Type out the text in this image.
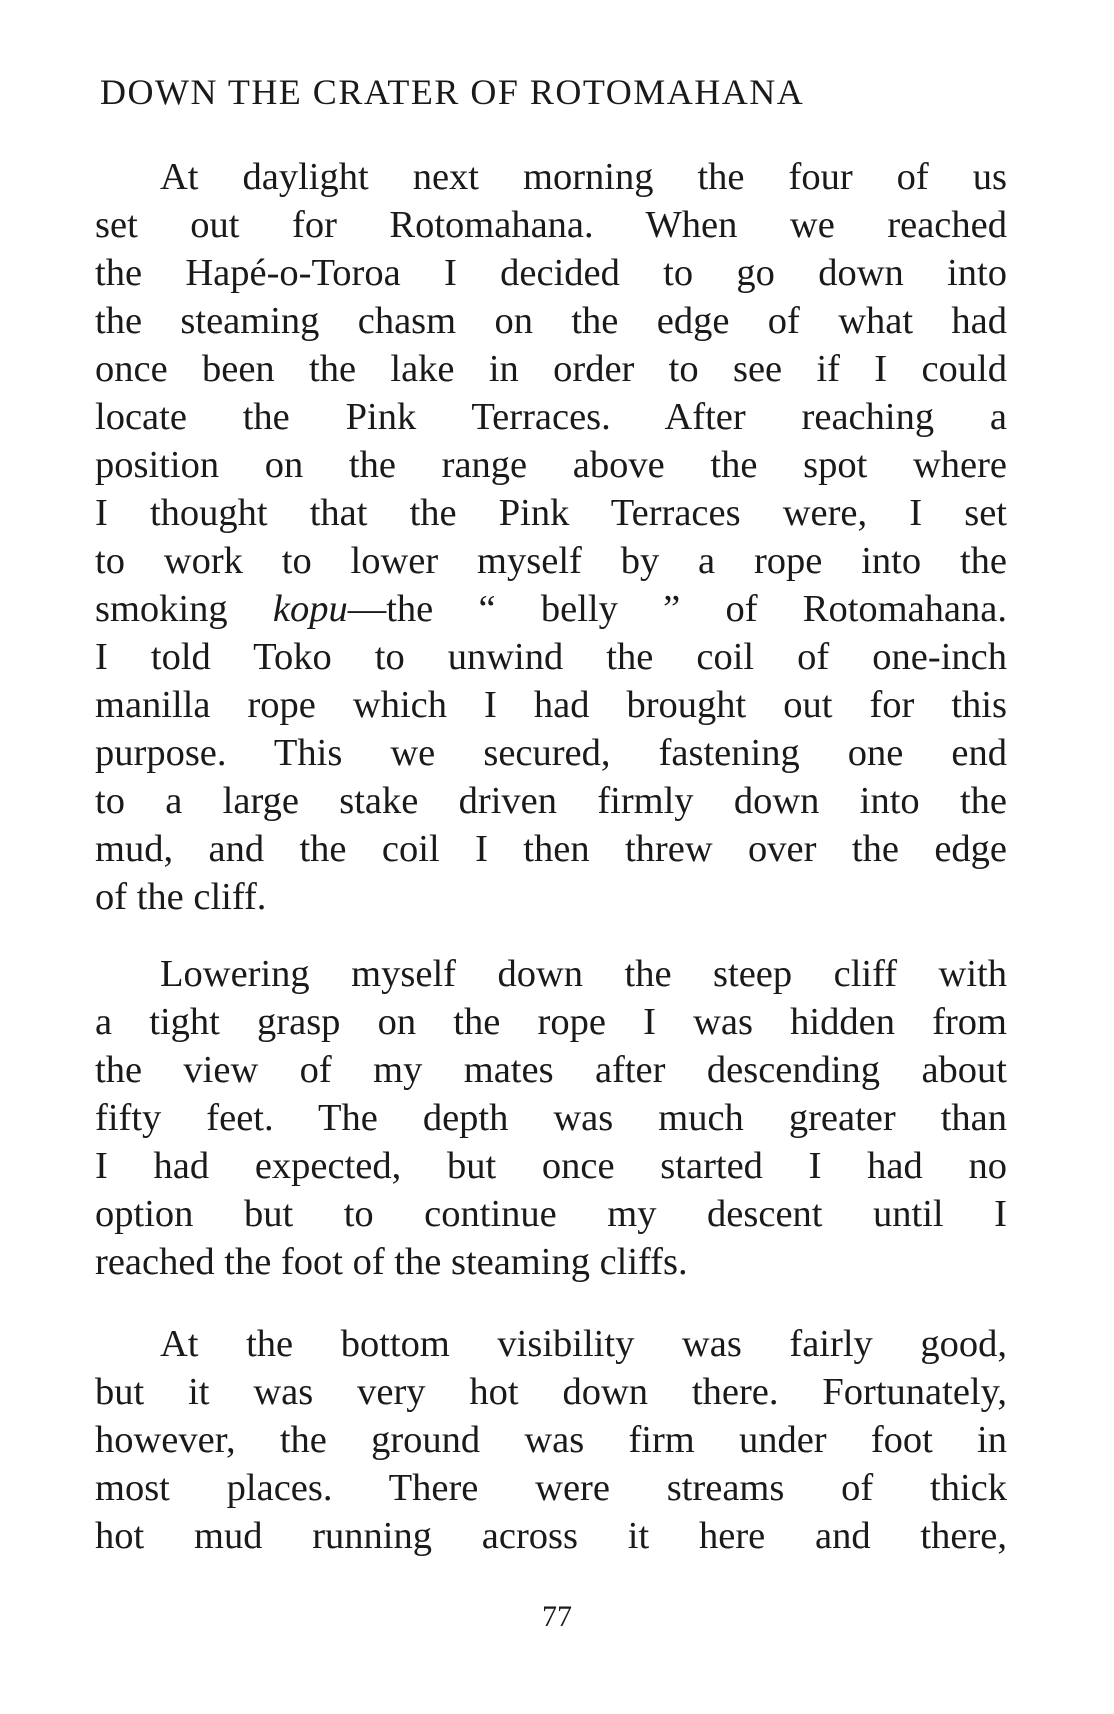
DOWN THE CRATER OF ROTOMAHANA
At daylight next morning the four of us
set out for Rotomahana. When we reached
the Hapé-o-Toroa I decided to go down into
the steaming chasm on the edge of what had
once been the lake in order to see if I could
locate the Pink Terraces. After reaching a
position on the range above the spot where
I thought that the Pink Terraces were, I set
to work to lower myself by a rope into the
smoking kopu—the “ belly ” of Rotomahana.
I told Toko to unwind the coil of one-inch
manilla rope which I had brought out for this
purpose. This we secured, fastening one end
to a large stake driven firmly down into the
mud, and the coil I then threw over the edge
of the cliff.
Lowering myself down the steep cliff with
a tight grasp on the rope I was hidden from
the view of my mates after descending about
fifty feet. The depth was much greater than
I had expected, but once started I had no
option but to continue my descent until I
reached the foot of the steaming cliffs.
At the bottom visibility was fairly good,
but it was very hot down there. Fortunately,
however, the ground was firm under foot in
most places. There were streams of thick
hot mud running across it here and there,
77
